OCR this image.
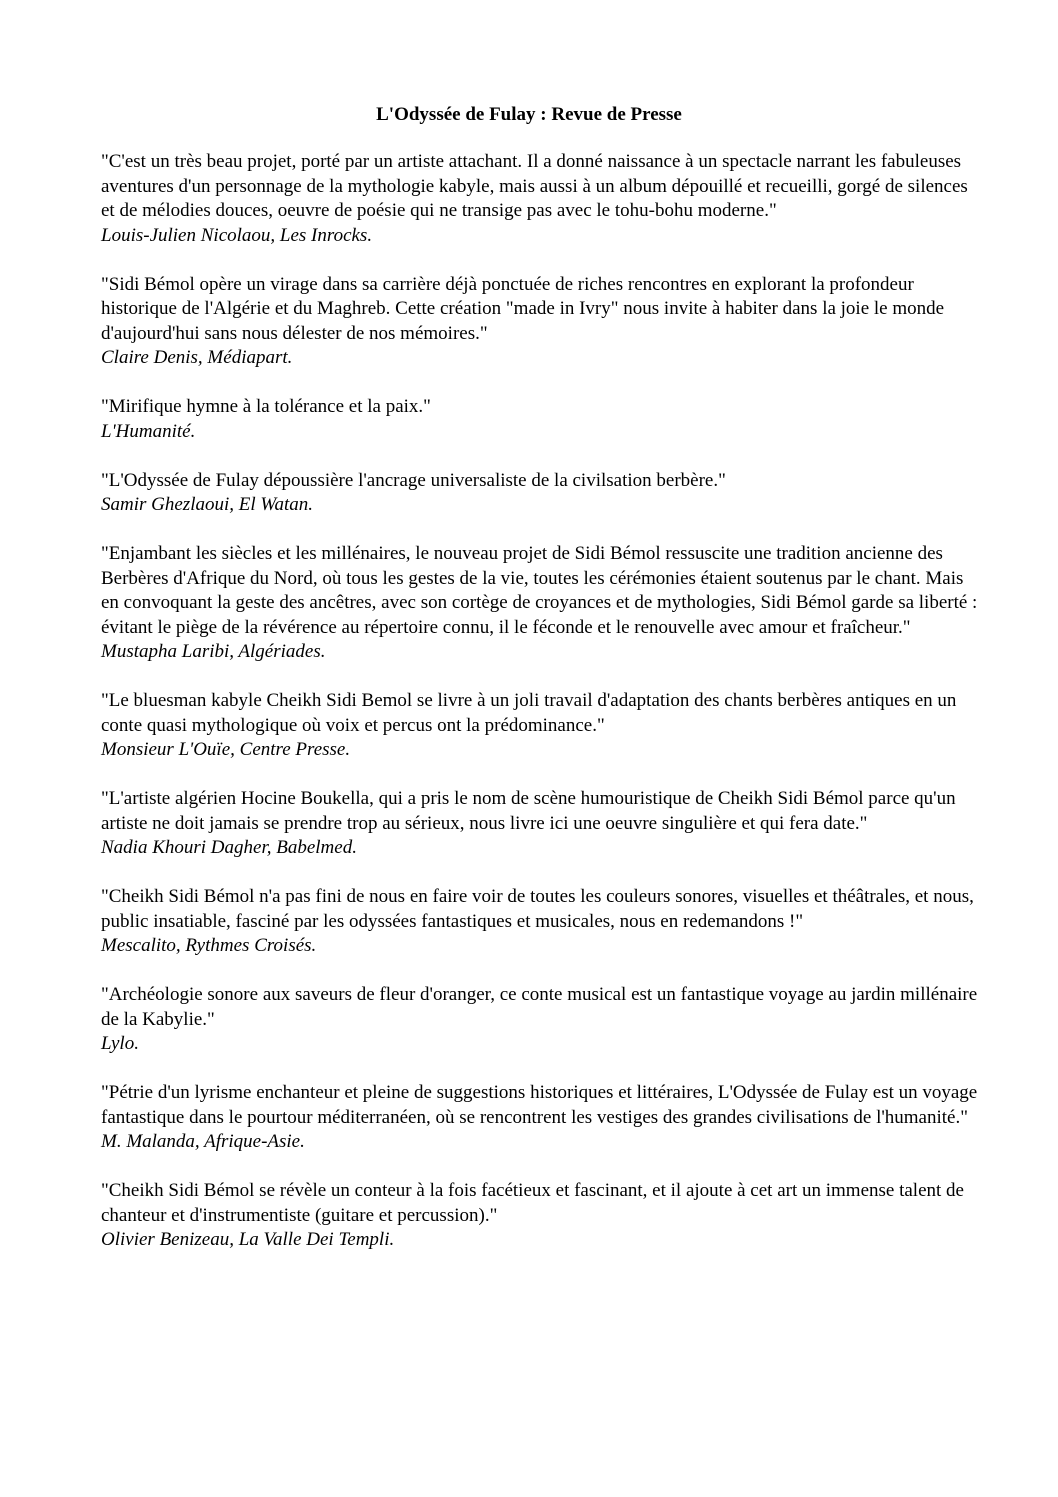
L'Odyssée de Fulay : Revue de Presse
"C'est un très beau projet, porté par un artiste attachant. Il a donné naissance à un spectacle narrant les fabuleuses aventures d'un personnage de la mythologie kabyle, mais aussi à un album dépouillé et recueilli, gorgé de silences et de mélodies douces, oeuvre de poésie qui ne transige pas avec le tohu-bohu moderne."
Louis-Julien Nicolaou, Les Inrocks.
"Sidi Bémol opère un virage dans sa carrière déjà ponctuée de riches rencontres en explorant la profondeur historique de l'Algérie et du Maghreb. Cette création "made in Ivry" nous invite à habiter dans la joie le monde d'aujourd'hui sans nous délester de nos mémoires."
Claire Denis, Médiapart.
"Mirifique hymne à la tolérance et la paix."
L'Humanité.
"L'Odyssée de Fulay dépoussière l'ancrage universaliste de la civilsation berbère."
Samir Ghezlaoui, El Watan.
"Enjambant les siècles et les millénaires, le nouveau projet de Sidi Bémol ressuscite une tradition ancienne des Berbères d'Afrique du Nord, où tous les gestes de la vie, toutes les cérémonies étaient soutenus par le chant. Mais en convoquant la geste des ancêtres, avec son cortège de croyances et de mythologies, Sidi Bémol garde sa liberté : évitant le piège de la révérence au répertoire connu, il le féconde et le renouvelle avec amour et fraîcheur."
Mustapha Laribi, Algériades.
"Le bluesman kabyle Cheikh Sidi Bemol se livre à un joli travail d'adaptation des chants berbères antiques en un conte quasi mythologique où voix et percus ont la prédominance."
Monsieur L'Ouïe, Centre Presse.
"L'artiste algérien Hocine Boukella, qui a pris le nom de scène humouristique de Cheikh Sidi Bémol parce qu'un artiste ne doit jamais se prendre trop au sérieux, nous livre ici une oeuvre singulière et qui fera date."
Nadia Khouri Dagher, Babelmed.
"Cheikh Sidi Bémol n'a pas fini de nous en faire voir de toutes les couleurs sonores, visuelles et théâtrales, et nous, public insatiable, fasciné par les odyssées fantastiques et musicales, nous en redemandons !"
Mescalito, Rythmes Croisés.
"Archéologie sonore aux saveurs de fleur d'oranger, ce conte musical est un fantastique voyage au jardin millénaire de la Kabylie."
Lylo.
"Pétrie d'un lyrisme enchanteur et pleine de suggestions historiques et littéraires, L'Odyssée de Fulay est un voyage fantastique dans le pourtour méditerranéen, où se rencontrent les vestiges des grandes civilisations de l'humanité."
M. Malanda, Afrique-Asie.
"Cheikh Sidi Bémol se révèle un conteur à la fois facétieux et fascinant, et il ajoute à cet art un immense talent de chanteur et d'instrumentiste (guitare et percussion)."
Olivier Benizeau, La Valle Dei Templi.
